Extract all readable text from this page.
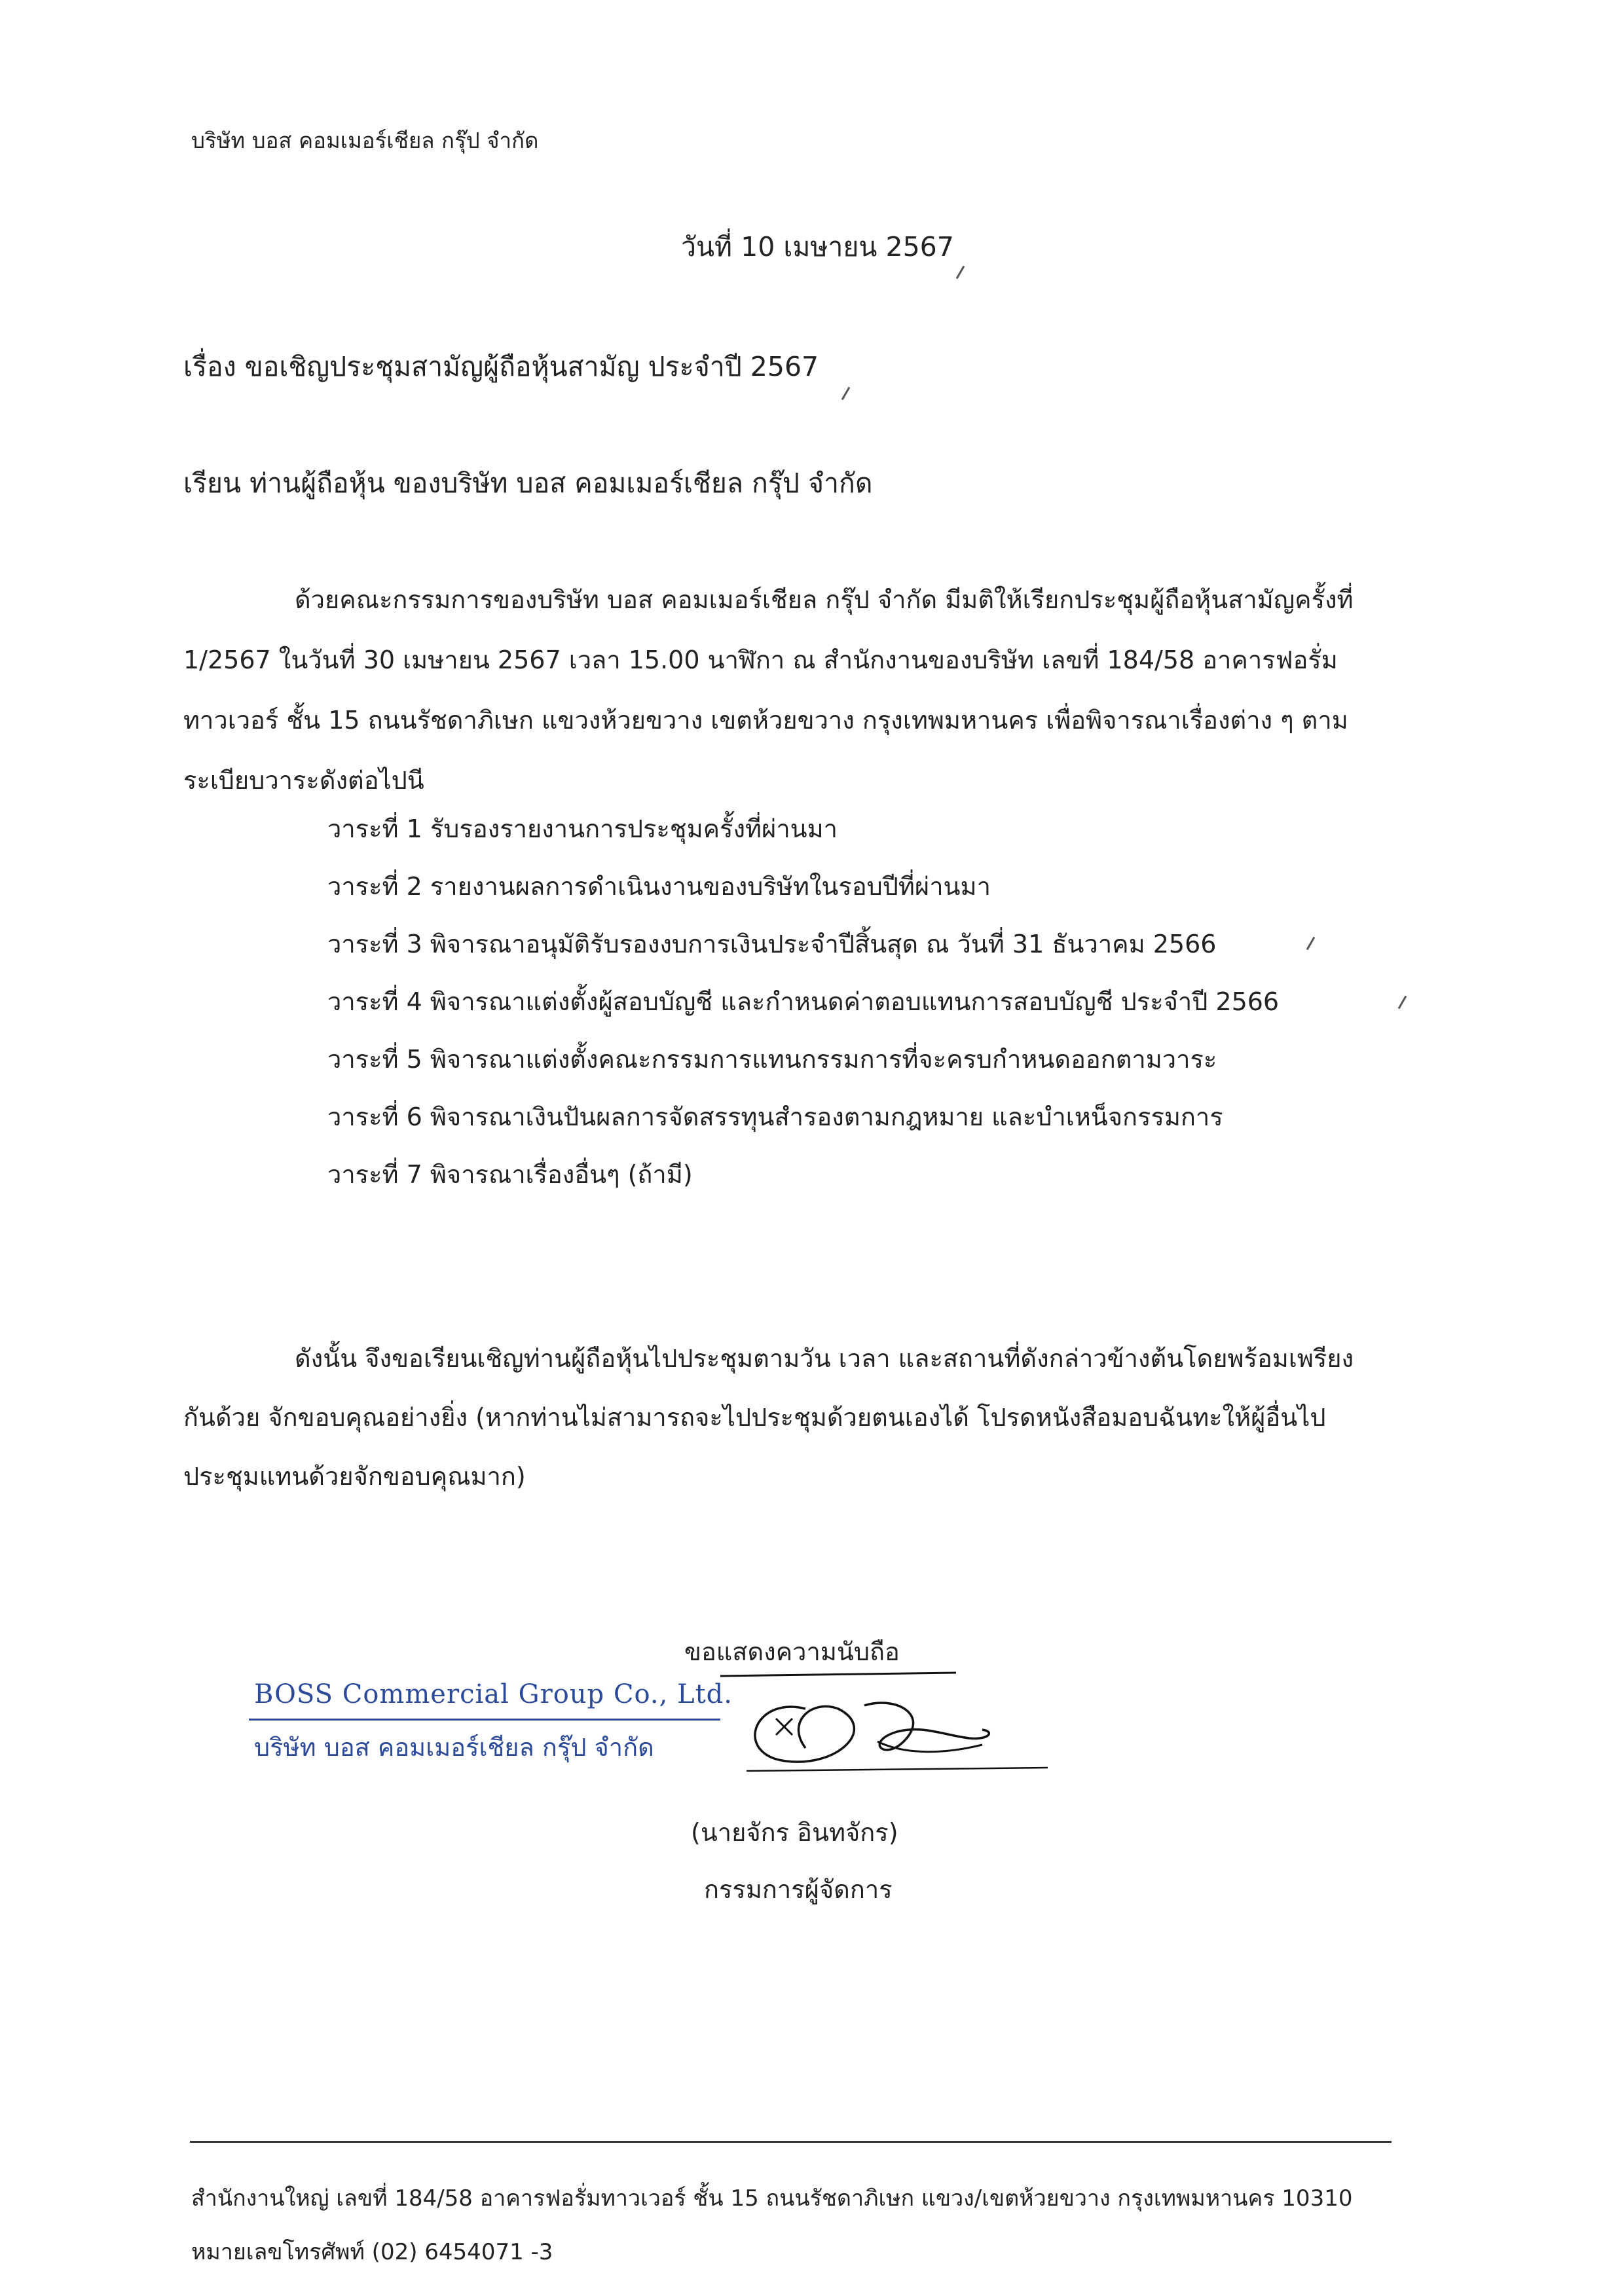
บริษัท บอส คอมเมอร์เชียล กรุ๊ป จำกัด
วันที่ 10 เมษายน 2567
เรื่อง ขอเชิญประชุมสามัญผู้ถือหุ้นสามัญ ประจำปี 2567
เรียน ท่านผู้ถือหุ้น ของบริษัท บอส คอมเมอร์เชียล กรุ๊ป จำกัด
ด้วยคณะกรรมการของบริษัท บอส คอมเมอร์เชียล กรุ๊ป จำกัด มีมติให้เรียกประชุมผู้ถือหุ้นสามัญครั้งที่ 1/2567 ในวันที่ 30 เมษายน 2567 เวลา 15.00 นาฬิกา ณ สำนักงานของบริษัท เลขที่ 184/58 อาคารฟอรั่มทาวเวอร์ ชั้น 15 ถนนรัชดาภิเษก แขวงห้วยขวาง เขตห้วยขวาง กรุงเทพมหานคร เพื่อพิจารณาเรื่องต่าง ๆ ตามระเบียบวาระดังต่อไปนี
วาระที่ 1 รับรองรายงานการประชุมครั้งที่ผ่านมา
วาระที่ 2 รายงานผลการดำเนินงานของบริษัทในรอบปีที่ผ่านมา
วาระที่ 3 พิจารณาอนุมัติรับรองงบการเงินประจำปีสิ้นสุด ณ วันที่ 31 ธันวาคม 2566
วาระที่ 4 พิจารณาแต่งตั้งผู้สอบบัญชี และกำหนดค่าตอบแทนการสอบบัญชี ประจำปี 2566
วาระที่ 5 พิจารณาแต่งตั้งคณะกรรมการแทนกรรมการที่จะครบกำหนดออกตามวาระ
วาระที่ 6 พิจารณาเงินปันผลการจัดสรรทุนสำรองตามกฎหมาย และบำเหน็จกรรมการ
วาระที่ 7 พิจารณาเรื่องอื่นๆ (ถ้ามี)
ดังนั้น จึงขอเรียนเชิญท่านผู้ถือหุ้นไปประชุมตามวัน เวลา และสถานที่ดังกล่าวข้างต้นโดยพร้อมเพรียงกันด้วย จักขอบคุณอย่างยิ่ง (หากท่านไม่สามารถจะไปประชุมด้วยตนเองได้ โปรดหนังสือมอบฉันทะให้ผู้อื่นไปประชุมแทนด้วยจักขอบคุณมาก)
ขอแสดงความนับถือ
BOSS Commercial Group Co., Ltd.
บริษัท บอส คอมเมอร์เชียล กรุ๊ป จำกัด
(นายจักร อินทจักร)
กรรมการผู้จัดการ
สำนักงานใหญ่ เลขที่ 184/58 อาคารฟอรั่มทาวเวอร์ ชั้น 15 ถนนรัชดาภิเษก แขวง/เขตห้วยขวาง กรุงเทพมหานคร 10310
หมายเลขโทรศัพท์ (02) 6454071 -3
